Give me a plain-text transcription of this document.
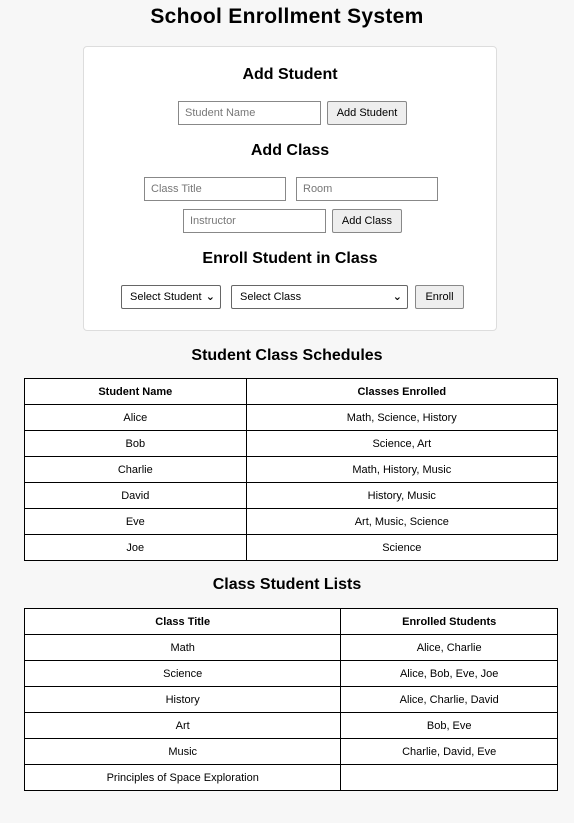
School Enrollment System
Add Student
Student Name
Add Student
Add Class
Class Title
Room
Instructor
Add Class
Enroll Student in Class
Select Student ⌄	Select Class	⌄	Enroll
Student Class Schedules
Student Name	Classes Enrolled
Alice	Math, Science, History
Bob	Science, Art
Charlie	Math, History, Music
David	History, Music
Eve	Art, Music, Science
Joe	Science
Class Student Lists
Class Title	Enrolled Students
Math	Alice, Charlie
Science	Alice, Bob, Eve, Joe
History	Alice, Charlie, David
Art	Bob, Eve
Music	Charlie, David, Eve
Principles of Space Exploration	
